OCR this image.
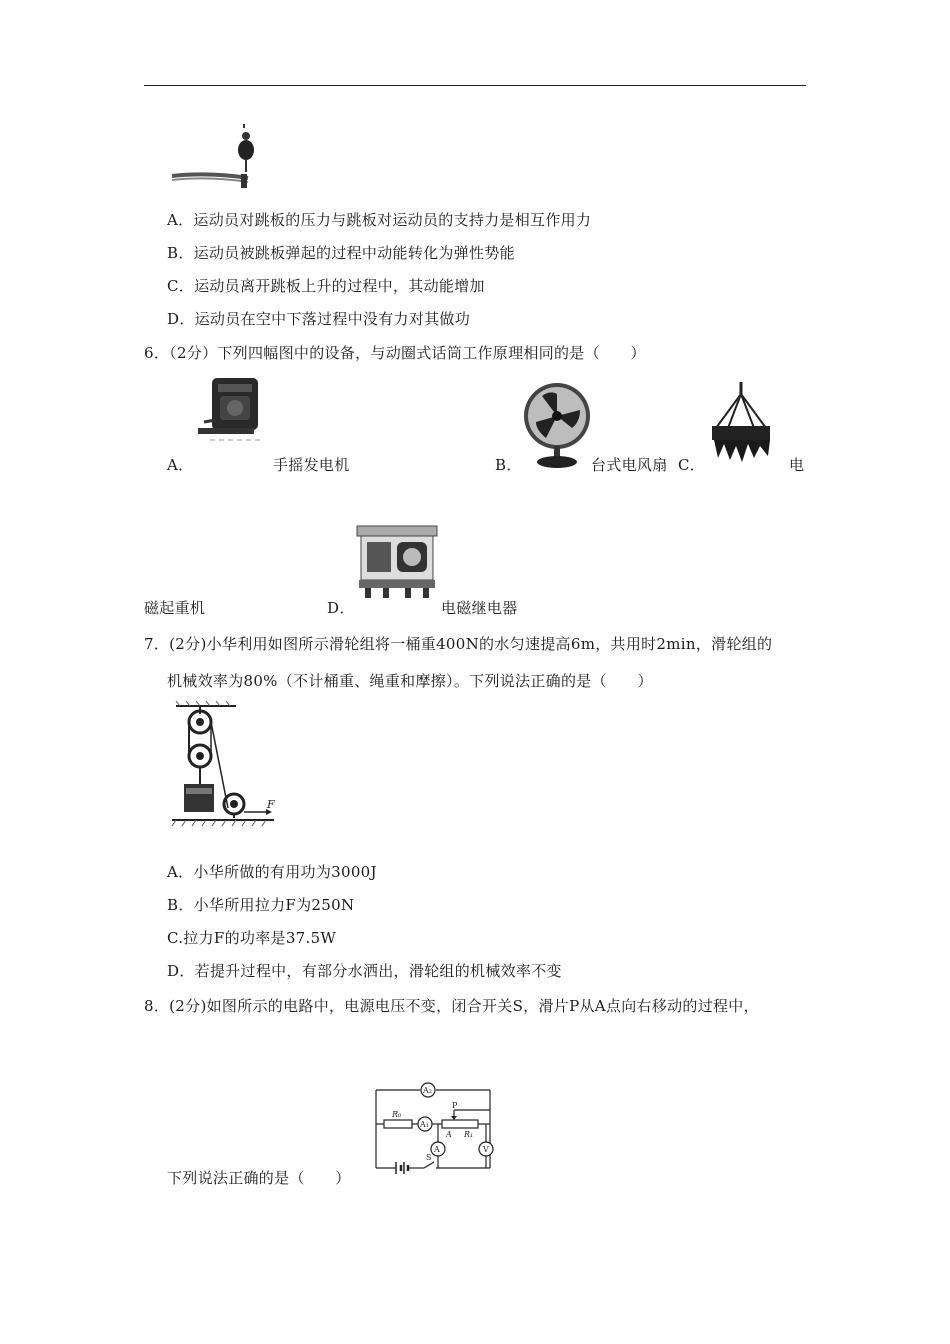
A．运动员对跳板的压力与跳板对运动员的支持力是相互作用力
B．运动员被跳板弹起的过程中动能转化为弹性势能
C．运动员离开跳板上升的过程中，其动能增加
D．运动员在空中下落过程中没有力对其做功
6．（2分）下列四幅图中的设备，与动圈式话筒工作原理相同的是（　　）
A．	手摇发电机	B．	台式电风扇 C．	电
磁起重机	D．	电磁继电器
7．(2分)小华利用如图所示滑轮组将一桶重400N的水匀速提高6m，共用时2min，滑轮组的
机械效率为80%（不计桶重、绳重和摩擦）。下列说法正确的是（　　）
F
A．小华所做的有用功为3000J
B．小华所用拉力F为250N
C.拉力F的功率是37.5W
D．若提升过程中，有部分水洒出，滑轮组的机械效率不变
8．(2分)如图所示的电路中，电源电压不变，闭合开关S，滑片P从A点向右移动的过程中，
A₂
A₁
A	V
R₀
R₁
P
A
S
下列说法正确的是（　　）
